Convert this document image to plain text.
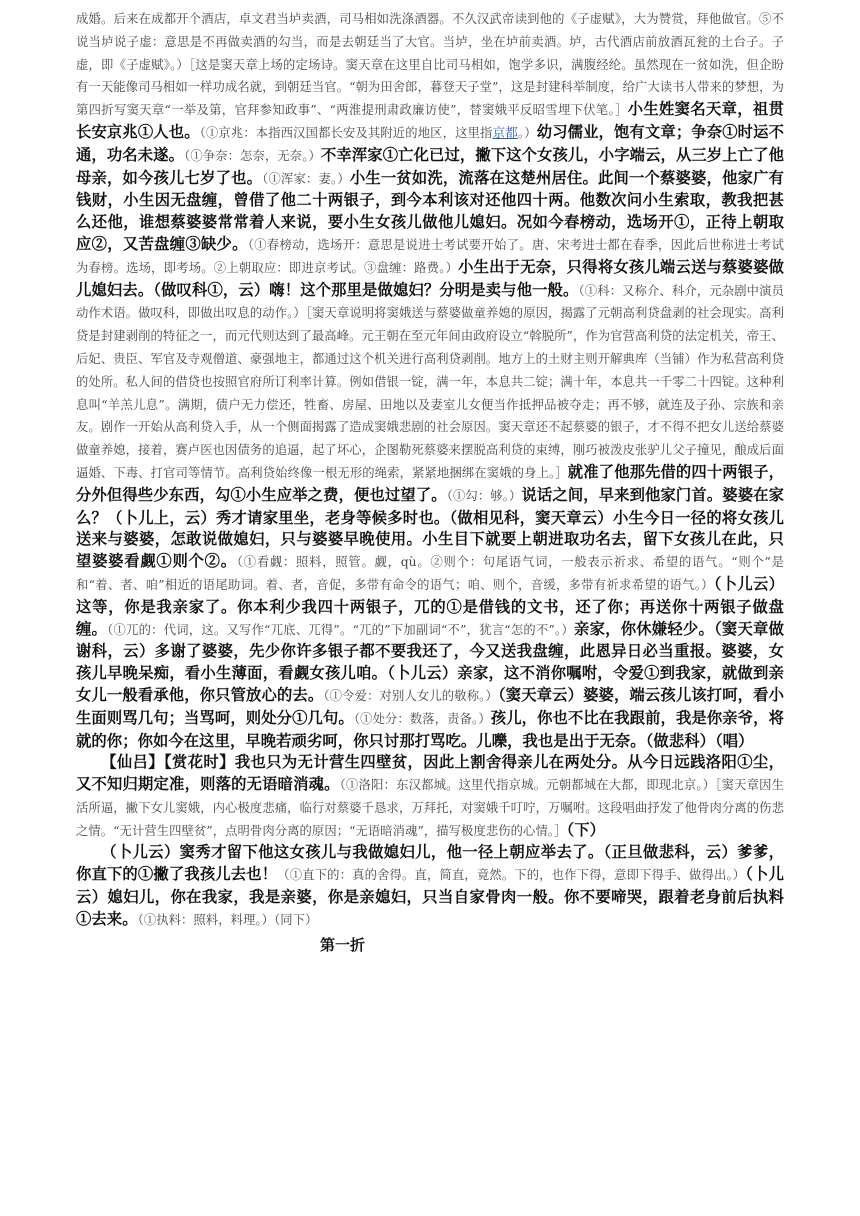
成婚。后来在成都开个酒店，卓文君当垆卖酒，司马相如洗涤酒器。不久汉武帝读到他的《子虚赋》，大为赞赏，拜他做官。⑤不说当垆说子虚：意思是不再做卖酒的勾当，而是去朝廷当了大官。当垆，坐在垆前卖酒。垆，古代酒店前放酒瓦瓮的土台子。子虚，即《子虚赋》。）［这是窦天章上场的定场诗。窦天章在这里自比司马相如，饱学多识，满腹经纶。虽然现在一贫如洗，但企盼有一天能像司马相如一样功成名就，到朝廷当官。“朝为田舍郎，暮登天子堂”，这是封建科举制度，给广大读书人带来的梦想，为第四折写窦天章“一举及第，官拜参知政事”、“两淮提刑肃政廉访使”，替窦娥平反昭雪埋下伏笔。］小生姓窦名天章，祖贯长安京兆①人也。（①京兆：本指西汉国都长安及其附近的地区，这里指京都。）幼习儒业，饱有文章；争奈①时运不通，功名未遂。（①争奈：怎奈，无奈。）不幸浑家①亡化已过，撇下这个女孩儿，小字端云，从三岁上亡了他母亲，如今孩儿七岁了也。（①浑家：妻。）小生一贫如洗，流落在这楚州居住。此间一个蔡婆婆，他家广有钱财，小生因无盘缠，曾借了他二十两银子，到今本利该对还他四十两。他数次问小生索取，教我把甚么还他，谁想蔡婆婆常常着人来说，要小生女孩儿做他儿媳妇。况如今春榜动，选场开①，正待上朝取应②，又苦盘缠③缺少。（①春榜动，选场开：意思是说进士考试要开始了。唐、宋考进士都在春季，因此后世称进士考试为春榜。选场，即考场。②上朝取应：即进京考试。③盘缠：路费。）小生出于无奈，只得将女孩儿端云送与蔡婆婆做儿媳妇去。（做叹科①，云）嗨！这个那里是做媳妇？分明是卖与他一般。（①科：又称介、科介，元杂剧中演员动作术语。做叹科，即做出叹息的动作。）［窦天章说明将窦娥送与蔡婆做童养媳的原因，揭露了元朝高利贷盘剥的社会现实。高利贷是封建剥削的特征之一，而元代则达到了最高峰。元王朝在至元年间由政府设立“斡脱所”，作为官营高利贷的法定机关，帝王、后妃、贵臣、军官及寺观僧道、豪强地主，都通过这个机关进行高利贷剥削。地方上的土财主则开解典库（当铺）作为私营高利贷的处所。私人间的借贷也按照官府所订利率计算。例如借银一锭，满一年，本息共二锭；满十年，本息共一千零二十四锭。这种利息叫“羊羔儿息”。满期，债户无力偿还，牲畜、房屋、田地以及妻室儿女便当作抵押品被夺走；再不够，就连及子孙、宗族和亲友。剧作一开始从高利贷入手，从一个侧面揭露了造成窦娥悲剧的社会原因。窦天章还不起蔡婆的银子，才不得不把女儿送给蔡婆做童养媳，接着，赛卢医也因债务的追逼，起了坏心，企图勒死蔡婆来摆脱高利贷的束缚，刚巧被泼皮张驴儿父子撞见，酿成后面逼婚、下毒、打官司等情节。高利贷始终像一根无形的绳索，紧紧地捆绑在窦娥的身上。］就准了他那先借的四十两银子，分外但得些少东西，勾①小生应举之费，便也过望了。（①勾：够。）说话之间，早来到他家门首。婆婆在家么？（卜儿上，云）秀才请家里坐，老身等候多时也。（做相见科，窦天章云）小生今日一径的将女孩儿送来与婆婆，怎敢说做媳妇，只与婆婆早晚使用。小生目下就要上朝进取功名去，留下女孩儿在此，只望婆婆看觑①则个②。（①看觑：照料，照管。觑，qù。②则个：句尾语气词，一般表示祈求、希望的语气。“则个”是和“着、者、咱”相近的语尾助词。着、者，音促，多带有命令的语气；咱、则个，音缓，多带有祈求希望的语气。）（卜儿云）这等，你是我亲家了。你本利少我四十两银子，兀的①是借钱的文书，还了你；再送你十两银子做盘缠。（①兀的：代词，这。又写作“兀底、兀得”。“兀的”下加副词“不”，犹言“怎的不”。）亲家，你休嫌轻少。（窦天章做谢科，云）多谢了婆婆，先少你许多银子都不要我还了，今又送我盘缠，此恩异日必当重报。婆婆，女孩儿早晚呆痴，看小生薄面，看觑女孩儿咱。（卜儿云）亲家，这不消你嘱咐，令爱①到我家，就做到亲女儿一般看承他，你只管放心的去。（①令爱：对别人女儿的敬称。）（窦天章云）婆婆，端云孩儿该打呵，看小生面则骂几句；当骂呵，则处分①几句。（①处分：数落，责备。）孩儿，你也不比在我跟前，我是你亲爷，将就的你；你如今在这里，早晚若顽劣呵，你只讨那打骂吃。儿嚛，我也是出于无奈。（做悲科）（唱）

【仙吕】【赏花时】我也只为无计营生四壁贫，因此上割舍得亲儿在两处分。从今日远践洛阳①尘，又不知归期定准，则落的无语暗消魂。（①洛阳：东汉都城。这里代指京城。元朝都城在大都，即现北京。）［窦天章因生活所逼，撇下女儿窦娥，内心极度悲痛，临行对蔡婆千恳求，万拜托，对窦娥千叮咛，万嘱咐。这段唱曲抒发了他骨肉分离的伤悲之情。“无计营生四壁贫”，点明骨肉分离的原因；“无语暗消魂”，描写极度悲伤的心情。］（下）

（卜儿云）窦秀才留下他这女孩儿与我做媳妇儿，他一径上朝应举去了。（正旦做悲科，云）爹爹，你直下的①撇了我孩儿去也！（①直下的：真的舍得。直，简直，竟然。下的，也作下得，意即下得手、做得出。）（卜儿云）媳妇儿，你在我家，我是亲婆，你是亲媳妇，只当自家骨肉一般。你不要啼哭，跟着老身前后执料①去来。（①执料：照料，料理。）（同下）

第一折
